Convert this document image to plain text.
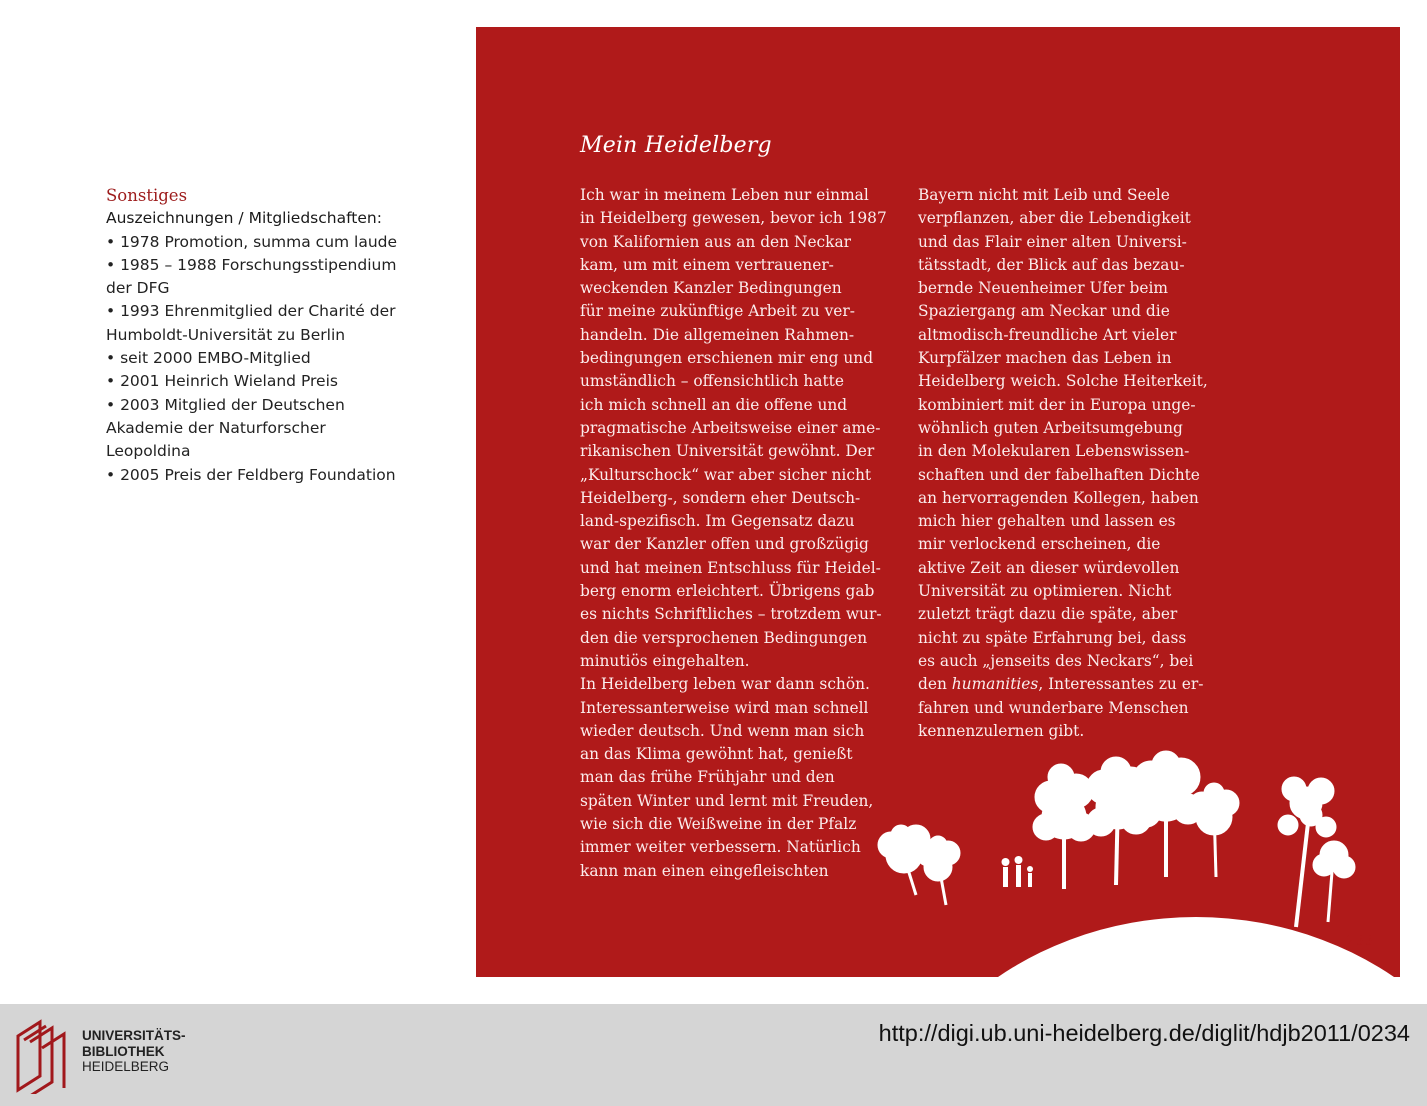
Sonstiges
Auszeichnungen / Mitgliedschaften:
• 1978 Promotion, summa cum laude
• 1985 – 1988 Forschungsstipendium
der DFG
• 1993 Ehrenmitglied der Charité der
Humboldt-Universität zu Berlin
• seit 2000 EMBO-Mitglied
• 2001 Heinrich Wieland Preis
• 2003 Mitglied der Deutschen
Akademie der Naturforscher
Leopoldina
• 2005 Preis der Feldberg Foundation
Mein Heidelberg
Ich war in meinem Leben nur einmal
in Heidelberg gewesen, bevor ich 1987
von Kalifornien aus an den Neckar
kam, um mit einem vertrauener-
weckenden Kanzler Bedingungen
für meine zukünftige Arbeit zu ver-
handeln. Die allgemeinen Rahmen-
bedingungen erschienen mir eng und
umständlich – offensichtlich hatte
ich mich schnell an die offene und
pragmatische Arbeitsweise einer ame-
rikanischen Universität gewöhnt. Der
„Kulturschock“ war aber sicher nicht
Heidelberg-, sondern eher Deutsch-
land-spezifisch. Im Gegensatz dazu
war der Kanzler offen und großzügig
und hat meinen Entschluss für Heidel-
berg enorm erleichtert. Übrigens gab
es nichts Schriftliches – trotzdem wur-
den die versprochenen Bedingungen
minutiös eingehalten.
In Heidelberg leben war dann schön.
Interessanterweise wird man schnell
wieder deutsch. Und wenn man sich
an das Klima gewöhnt hat, genießt
man das frühe Frühjahr und den
späten Winter und lernt mit Freuden,
wie sich die Weißweine in der Pfalz
immer weiter verbessern. Natürlich
kann man einen eingefleischten
Bayern nicht mit Leib und Seele
verpflanzen, aber die Lebendigkeit
und das Flair einer alten Universi-
tätsstadt, der Blick auf das bezau-
bernde Neuenheimer Ufer beim
Spaziergang am Neckar und die
altmodisch-freundliche Art vieler
Kurpfälzer machen das Leben in
Heidelberg weich. Solche Heiterkeit,
kombiniert mit der in Europa unge-
wöhnlich guten Arbeitsumgebung
in den Molekularen Lebenswissen-
schaften und der fabelhaften Dichte
an hervorragenden Kollegen, haben
mich hier gehalten und lassen es
mir verlockend erscheinen, die
aktive Zeit an dieser würdevollen
Universität zu optimieren. Nicht
zuletzt trägt dazu die späte, aber
nicht zu späte Erfahrung bei, dass
es auch „jenseits des Neckars“, bei
den humanities, Interessantes zu er-
fahren und wunderbare Menschen
kennenzulernen gibt.
233
UNIVERSITÄTS-
BIBLIOTHEK
HEIDELBERG
http://digi.ub.uni-heidelberg.de/diglit/hdjb2011/0234
